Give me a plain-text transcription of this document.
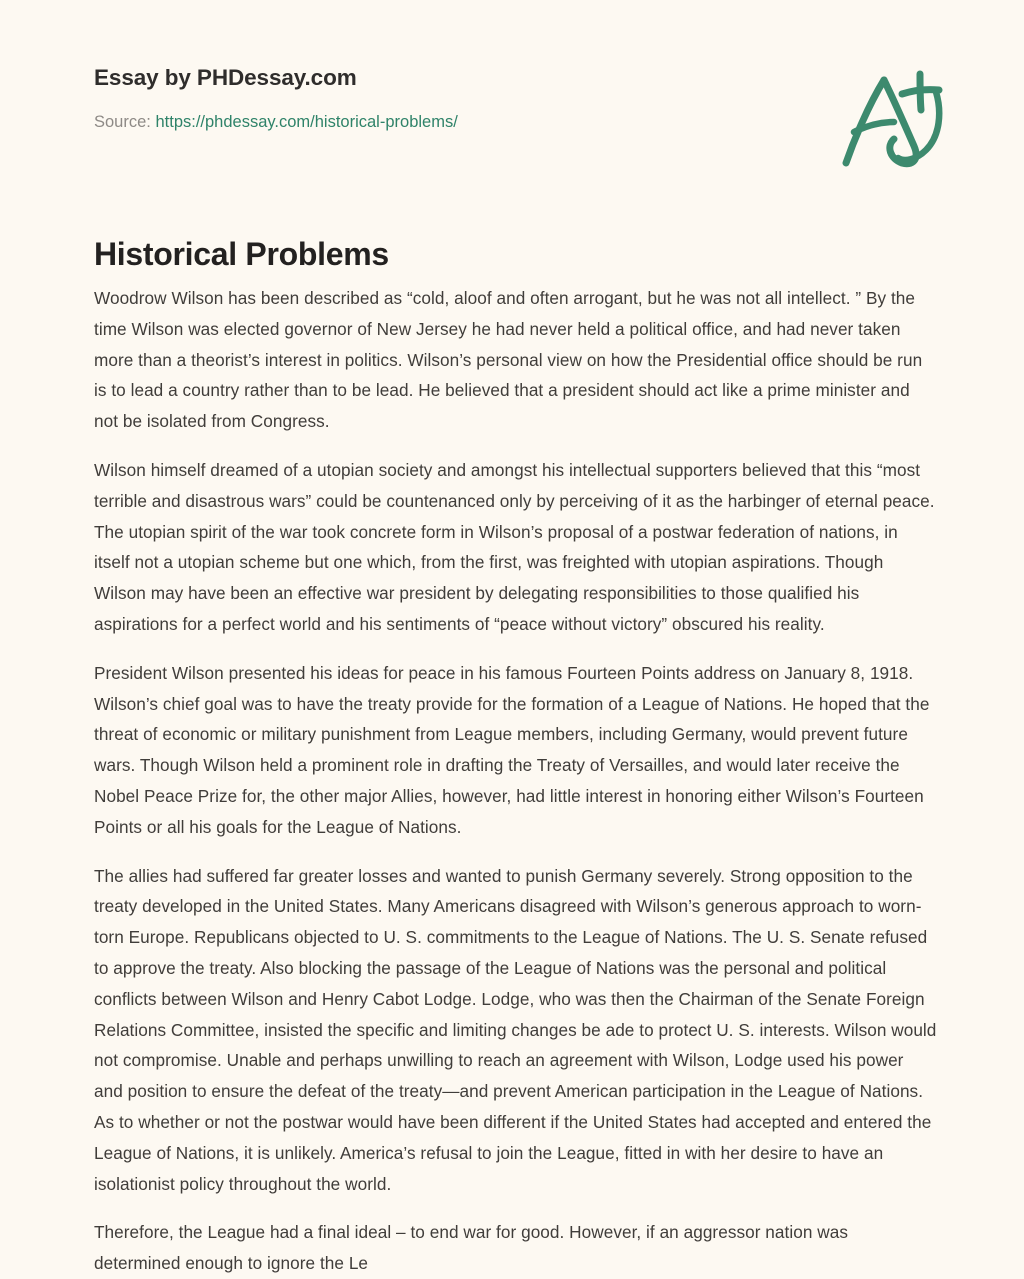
Essay by PHDessay.com
Source: https://phdessay.com/historical-problems/
Historical Problems

Woodrow Wilson has been described as “cold, aloof and often arrogant, but he was not all intellect. ” By the time Wilson was elected governor of New Jersey he had never held a political office, and had never taken more than a theorist’s interest in politics. Wilson’s personal view on how the Presidential office should be run is to lead a country rather than to be lead. He believed that a president should act like a prime minister and not be isolated from Congress.

Wilson himself dreamed of a utopian society and amongst his intellectual supporters believed that this “most terrible and disastrous wars” could be countenanced only by perceiving of it as the harbinger of eternal peace. The utopian spirit of the war took concrete form in Wilson’s proposal of a postwar federation of nations, in itself not a utopian scheme but one which, from the first, was freighted with utopian aspirations. Though Wilson may have been an effective war president by delegating responsibilities to those qualified his aspirations for a perfect world and his sentiments of “peace without victory” obscured his reality.

President Wilson presented his ideas for peace in his famous Fourteen Points address on January 8, 1918. Wilson’s chief goal was to have the treaty provide for the formation of a League of Nations. He hoped that the threat of economic or military punishment from League members, including Germany, would prevent future wars. Though Wilson held a prominent role in drafting the Treaty of Versailles, and would later receive the Nobel Peace Prize for, the other major Allies, however, had little interest in honoring either Wilson’s Fourteen Points or all his goals for the League of Nations.

The allies had suffered far greater losses and wanted to punish Germany severely. Strong opposition to the treaty developed in the United States. Many Americans disagreed with Wilson’s generous approach to worn-torn Europe. Republicans objected to U. S. commitments to the League of Nations. The U. S. Senate refused to approve the treaty. Also blocking the passage of the League of Nations was the personal and political conflicts between Wilson and Henry Cabot Lodge. Lodge, who was then the Chairman of the Senate Foreign Relations Committee, insisted the specific and limiting changes be ade to protect U. S. interests. Wilson would not compromise. Unable and perhaps unwilling to reach an agreement with Wilson, Lodge used his power and position to ensure the defeat of the treaty—and prevent American participation in the League of Nations. As to whether or not the postwar would have been different if the United States had accepted and entered the League of Nations, it is unlikely. America’s refusal to join the League, fitted in with her desire to have an isolationist policy throughout the world.

Therefore, the League had a final ideal – to end war for good. However, if an aggressor nation was determined enough to ignore the Le
